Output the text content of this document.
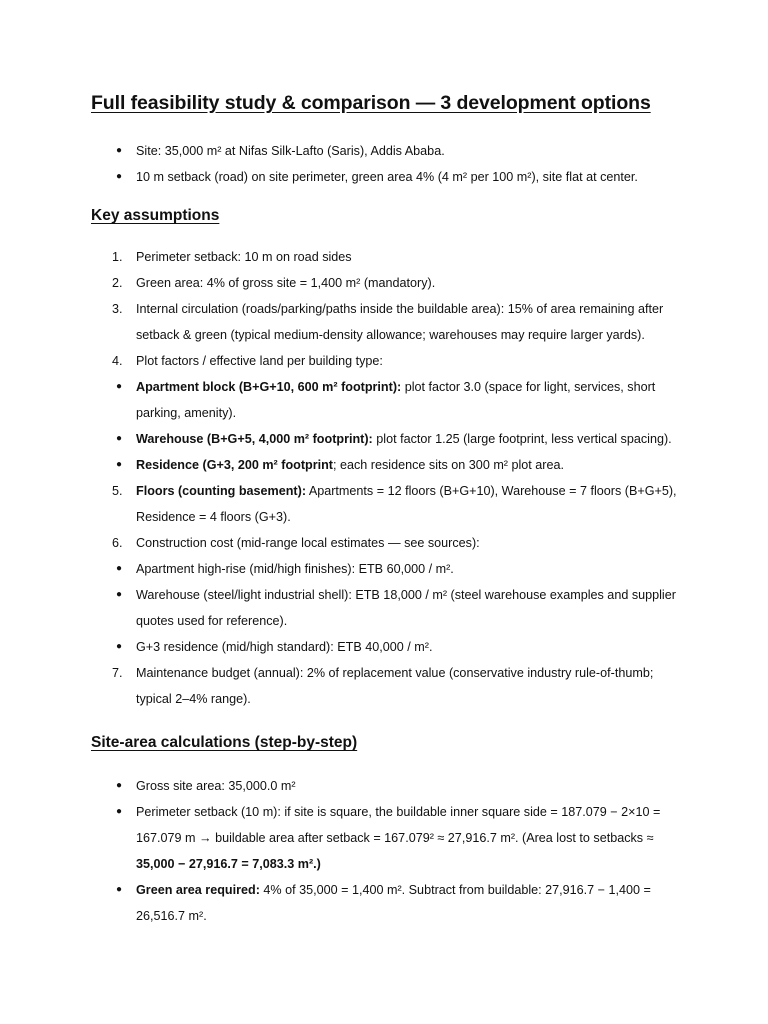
Full feasibility study & comparison — 3 development options
●	Site: 35,000 m² at Nifas Silk-Lafto (Saris), Addis Ababa.
●	10 m setback (road) on site perimeter, green area 4% (4 m² per 100 m²), site flat at center.
Key assumptions
1.	Perimeter setback: 10 m on road sides
2.	Green area: 4% of gross site = 1,400 m² (mandatory).
3.	Internal circulation (roads/parking/paths inside the buildable area): 15% of area remaining after setback & green (typical medium-density allowance; warehouses may require larger yards).
4.	Plot factors / effective land per building type:
●	Apartment block (B+G+10, 600 m² footprint): plot factor 3.0 (space for light, services, short parking, amenity).
●	Warehouse (B+G+5, 4,000 m² footprint): plot factor 1.25 (large footprint, less vertical spacing).
●	Residence (G+3, 200 m² footprint; each residence sits on 300 m² plot area.
5.	Floors (counting basement): Apartments = 12 floors (B+G+10), Warehouse = 7 floors (B+G+5), Residence = 4 floors (G+3).
6.	Construction cost (mid-range local estimates — see sources):
●	Apartment high-rise (mid/high finishes): ETB 60,000 / m².
●	Warehouse (steel/light industrial shell): ETB 18,000 / m² (steel warehouse examples and supplier quotes used for reference).
●	G+3 residence (mid/high standard): ETB 40,000 / m².
7.	Maintenance budget (annual): 2% of replacement value (conservative industry rule-of-thumb; typical 2–4% range).
Site-area calculations (step-by-step)
●	Gross site area: 35,000.0 m²
●	Perimeter setback (10 m): if site is square, the buildable inner square side = 187.079 − 2×10 = 167.079 m → buildable area after setback = 167.079² ≈ 27,916.7 m². (Area lost to setbacks ≈ 35,000 − 27,916.7 = 7,083.3 m².)
●	Green area required: 4% of 35,000 = 1,400 m². Subtract from buildable: 27,916.7 − 1,400 = 26,516.7 m².
